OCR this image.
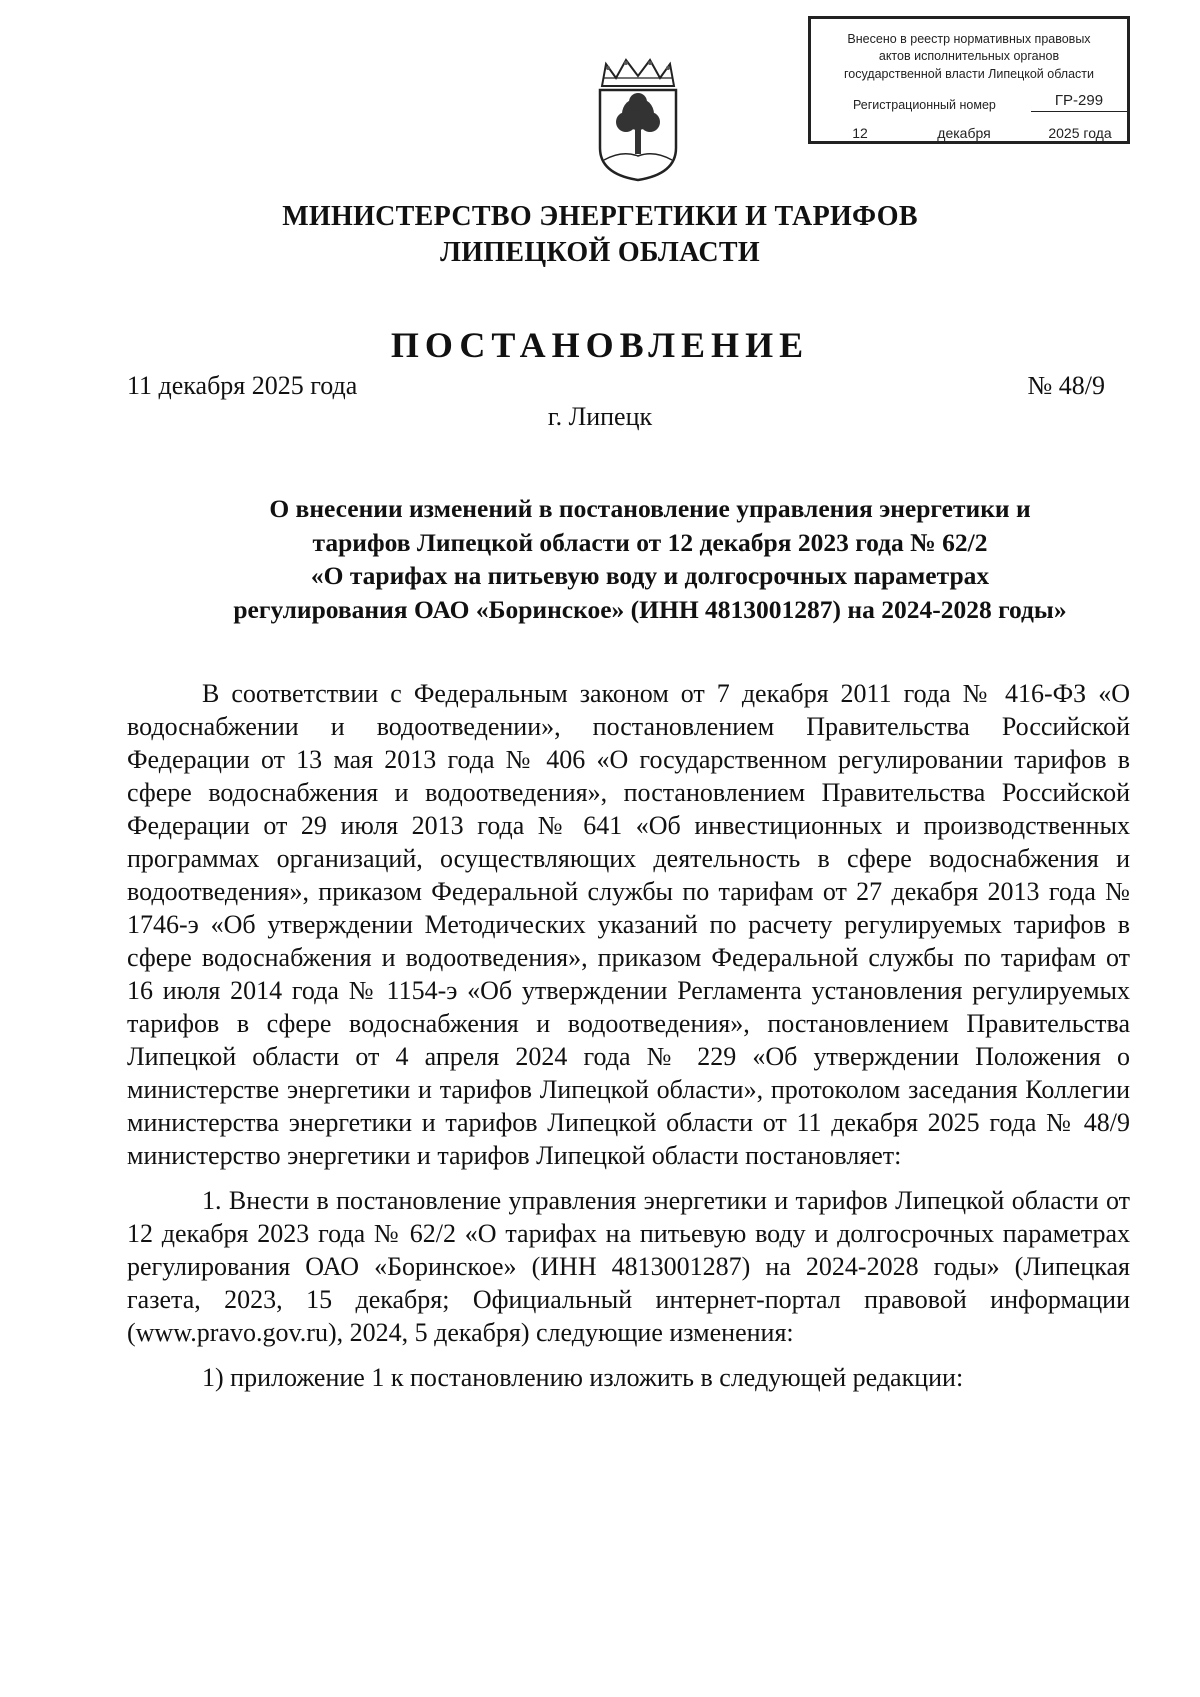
Внесено в реестр нормативных правовых
актов исполнительных органов
государственной власти Липецкой области
Регистрационный номер	ГР-299
12	декабря	2025 года
МИНИСТЕРСТВО ЭНЕРГЕТИКИ И ТАРИФОВ
ЛИПЕЦКОЙ ОБЛАСТИ
ПОСТАНОВЛЕНИЕ
11 декабря 2025 года	№ 48/9
г. Липецк
О внесении изменений в постановление управления энергетики и
тарифов Липецкой области от 12 декабря 2023 года № 62/2
«О тарифах на питьевую воду и долгосрочных параметрах
регулирования ОАО «Боринское» (ИНН 4813001287) на 2024-2028 годы»

В соответствии с Федеральным законом от 7 декабря 2011 года № 416-ФЗ «О водоснабжении и водоотведении», постановлением Правительства Российской Федерации от 13 мая 2013 года № 406 «О государственном регулировании тарифов в сфере водоснабжения и водоотведения», постановлением Правительства Российской Федерации от 29 июля 2013 года № 641 «Об инвестиционных и производственных программах организаций, осуществляющих деятельность в сфере водоснабжения и водоотведения», приказом Федеральной службы по тарифам от 27 декабря 2013 года № 1746-э «Об утверждении Методических указаний по расчету регулируемых тарифов в сфере водоснабжения и водоотведения», приказом Федеральной службы по тарифам от 16 июля 2014 года № 1154-э «Об утверждении Регламента установления регулируемых тарифов в сфере водоснабжения и водоотведения», постановлением Правительства Липецкой области от 4 апреля 2024 года № 229 «Об утверждении Положения о министерстве энергетики и тарифов Липецкой области», протоколом заседания Коллегии министерства энергетики и тарифов Липецкой области от 11 декабря 2025 года № 48/9 министерство энергетики и тарифов Липецкой области постановляет:

1. Внести в постановление управления энергетики и тарифов Липецкой области от 12 декабря 2023 года № 62/2 «О тарифах на питьевую воду и долгосрочных параметрах регулирования ОАО «Боринское» (ИНН 4813001287) на 2024-2028 годы» (Липецкая газета, 2023, 15 декабря; Официальный интернет-портал правовой информации (www.pravo.gov.ru), 2024, 5 декабря) следующие изменения:

1) приложение 1 к постановлению изложить в следующей редакции:
